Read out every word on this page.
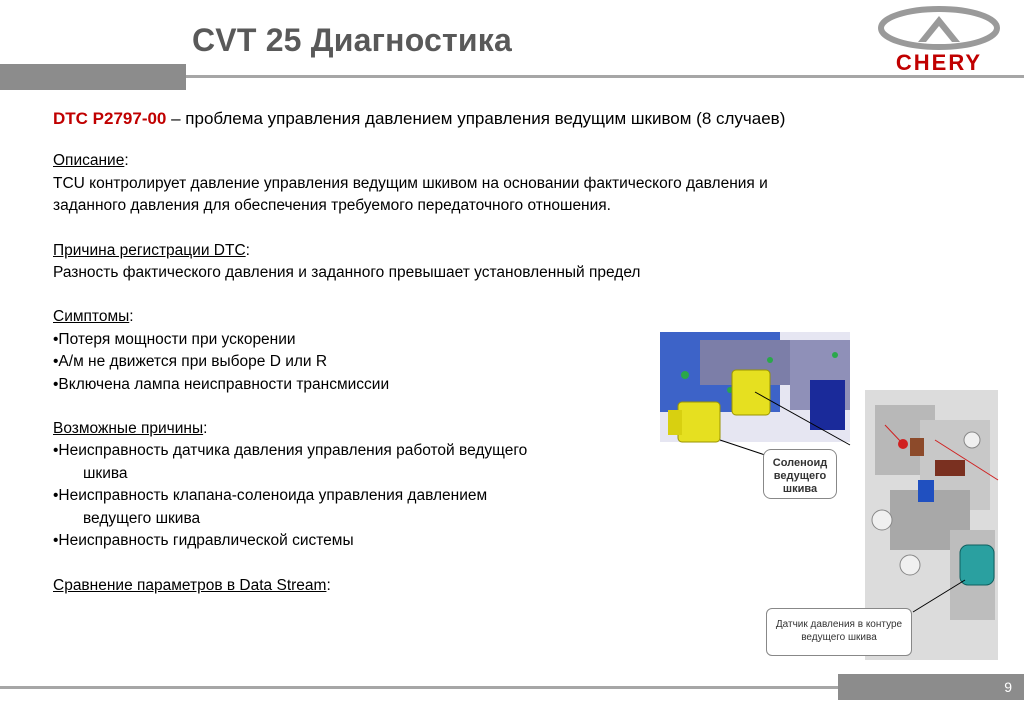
CVT 25 Диагностика
CHERY
DTC P2797-00 – проблема управления давлением управления ведущим шкивом (8 случаев)
Описание:
TCU контролирует давление управления ведущим шкивом на основании фактического давления и
заданного давления для обеспечения требуемого передаточного отношения.
Причина регистрации DTC:
Разность фактического давления и заданного превышает установленный предел
Симптомы:
•Потеря мощности при ускорении
•А/м не движется при выборе D или R
•Включена лампа неисправности трансмиссии
Возможные причины:
•Неисправность датчика давления управления работой ведущего
шкива
•Неисправность клапана-соленоида управления давлением
ведущего шкива
•Неисправность гидравлической системы
Сравнение параметров в Data Stream:
Соленоид
ведущего
шкива
Датчик давления в контуре
ведущего шкива
9
